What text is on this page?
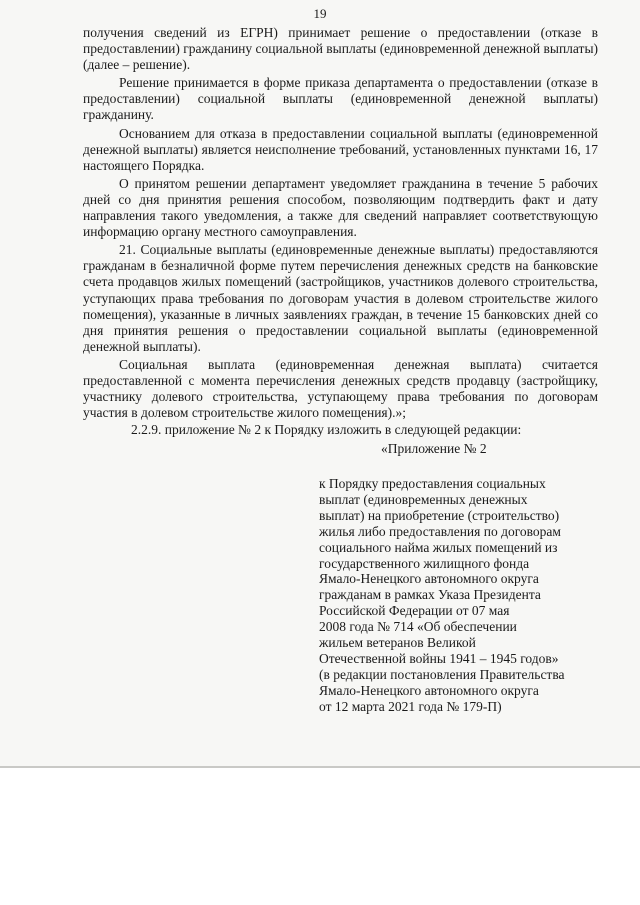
19

получения сведений из ЕГРН) принимает решение о предоставлении (отказе в предоставлении) гражданину социальной выплаты (единовременной денежной выплаты) (далее – решение).

Решение принимается в форме приказа департамента о предоставлении (отказе в предоставлении) социальной выплаты (единовременной денежной выплаты) гражданину.

Основанием для отказа в предоставлении социальной выплаты (единовременной денежной выплаты) является неисполнение требований, установленных пунктами 16, 17 настоящего Порядка.

О принятом решении департамент уведомляет гражданина в течение 5 рабочих дней со дня принятия решения способом, позволяющим подтвердить факт и дату направления такого уведомления, а также для сведений направляет соответствующую информацию органу местного самоуправления.

21. Социальные выплаты (единовременные денежные выплаты) предоставляются гражданам в безналичной форме путем перечисления денежных средств на банковские счета продавцов жилых помещений (застройщиков, участников долевого строительства, уступающих права требования по договорам участия в долевом строительстве жилого помещения), указанные в личных заявлениях граждан, в течение 15 банковских дней со дня принятия решения о предоставлении социальной выплаты (единовременной денежной выплаты).

Социальная выплата (единовременная денежная выплата) считается предоставленной с момента перечисления денежных средств продавцу (застройщику, участнику долевого строительства, уступающему права требования по договорам участия в долевом строительстве жилого помещения).»;

2.2.9. приложение № 2 к Порядку изложить в следующей редакции:

«Приложение № 2

к Порядку предоставления социальных

выплат (единовременных денежных

выплат) на приобретение (строительство)

жилья либо предоставления по договорам

социального найма жилых помещений из

государственного жилищного фонда

Ямало-Ненецкого автономного округа

гражданам в рамках Указа Президента

Российской Федерации от 07 мая

2008 года № 714 «Об обеспечении

жильем ветеранов Великой

Отечественной войны 1941 – 1945 годов»

(в редакции постановления Правительства

Ямало-Ненецкого автономного округа

от 12 марта 2021 года № 179-П)
